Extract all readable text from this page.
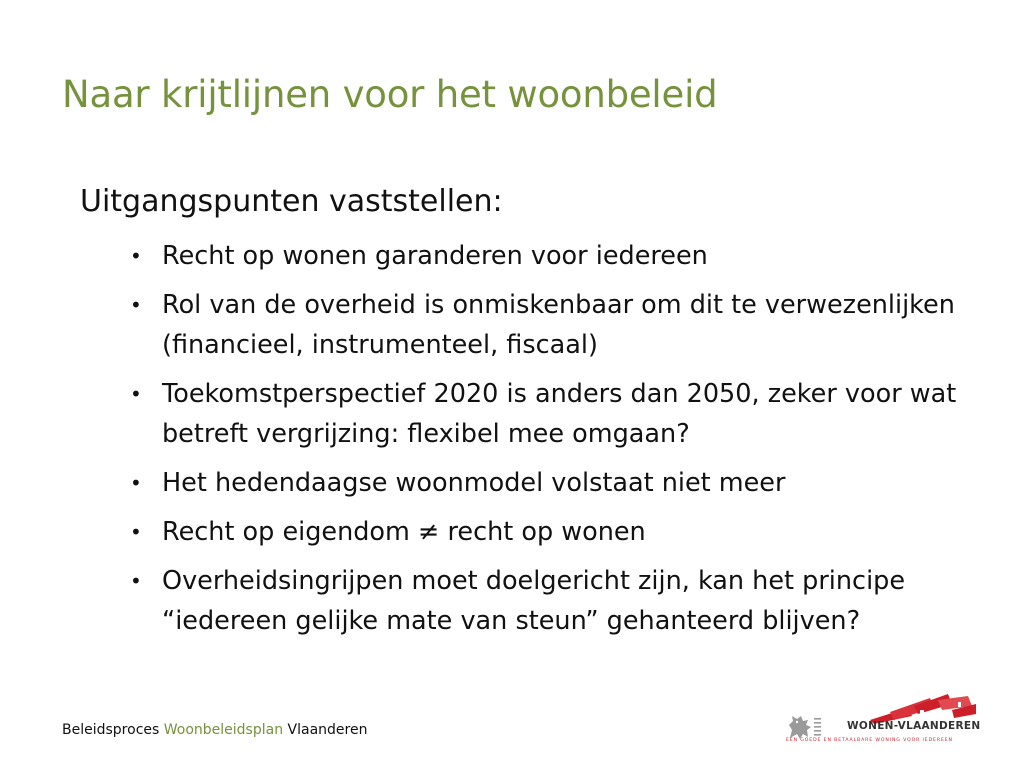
Naar krijtlijnen voor het woonbeleid
Uitgangspunten vaststellen:
• Recht op wonen garanderen voor iedereen
• Rol van de overheid is onmiskenbaar om dit te verwezenlijken (financieel, instrumenteel, fiscaal)
• Toekomstperspectief 2020 is anders dan 2050, zeker voor wat betreft vergrijzing: flexibel mee omgaan?
• Het hedendaagse woonmodel volstaat niet meer
• Recht op eigendom ≠ recht op wonen
• Overheidsingrijpen moet doelgericht zijn, kan het principe “iedereen gelijke mate van steun” gehanteerd blijven?
Beleidsproces Woonbeleidsplan Vlaanderen	WONEN-VLAANDEREN
EEN GOEDE EN BETAALBARE WONING VOOR IEDEREEN
